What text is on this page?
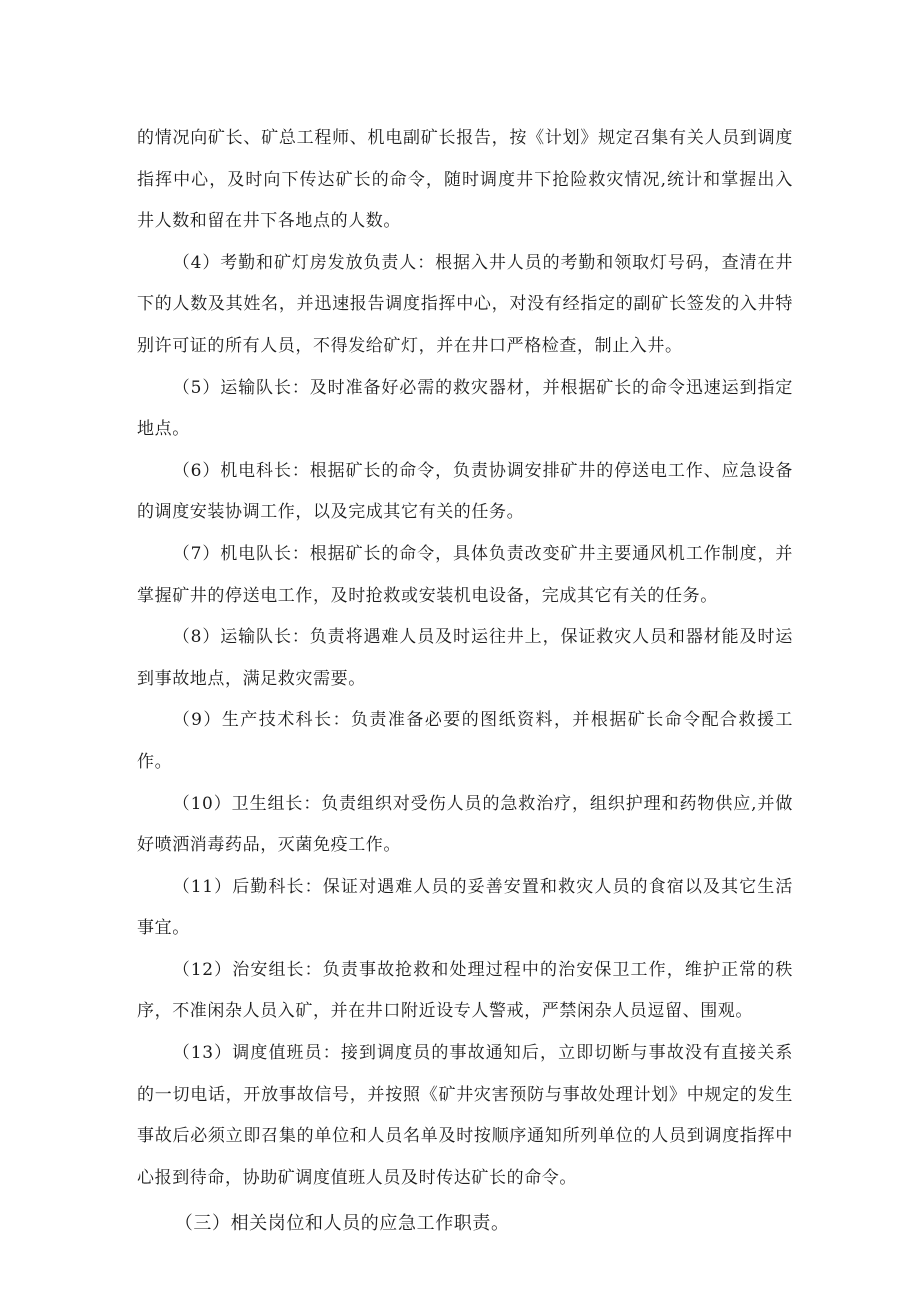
的情况向矿长、矿总工程师、机电副矿长报告，按《计划》规定召集有关人员到调度指挥中心，及时向下传达矿长的命令，随时调度井下抢险救灾情况,统计和掌握出入井人数和留在井下各地点的人数。

（4）考勤和矿灯房发放负责人：根据入井人员的考勤和领取灯号码，查清在井下的人数及其姓名，并迅速报告调度指挥中心，对没有经指定的副矿长签发的入井特别许可证的所有人员，不得发给矿灯，并在井口严格检查，制止入井。

（5）运输队长：及时准备好必需的救灾器材，并根据矿长的命令迅速运到指定地点。

（6）机电科长：根据矿长的命令，负责协调安排矿井的停送电工作、应急设备的调度安装协调工作，以及完成其它有关的任务。

（7）机电队长：根据矿长的命令，具体负责改变矿井主要通风机工作制度，并掌握矿井的停送电工作，及时抢救或安装机电设备，完成其它有关的任务。

（8）运输队长：负责将遇难人员及时运往井上，保证救灾人员和器材能及时运到事故地点，满足救灾需要。

（9）生产技术科长：负责准备必要的图纸资料，并根据矿长命令配合救援工作。

（10）卫生组长：负责组织对受伤人员的急救治疗，组织护理和药物供应,并做好喷洒消毒药品，灭菌免疫工作。

（11）后勤科长：保证对遇难人员的妥善安置和救灾人员的食宿以及其它生活事宜。

（12）治安组长：负责事故抢救和处理过程中的治安保卫工作，维护正常的秩序，不准闲杂人员入矿，并在井口附近设专人警戒，严禁闲杂人员逗留、围观。

（13）调度值班员：接到调度员的事故通知后，立即切断与事故没有直接关系的一切电话，开放事故信号，并按照《矿井灾害预防与事故处理计划》中规定的发生事故后必须立即召集的单位和人员名单及时按顺序通知所列单位的人员到调度指挥中心报到待命，协助矿调度值班人员及时传达矿长的命令。

（三）相关岗位和人员的应急工作职责。
